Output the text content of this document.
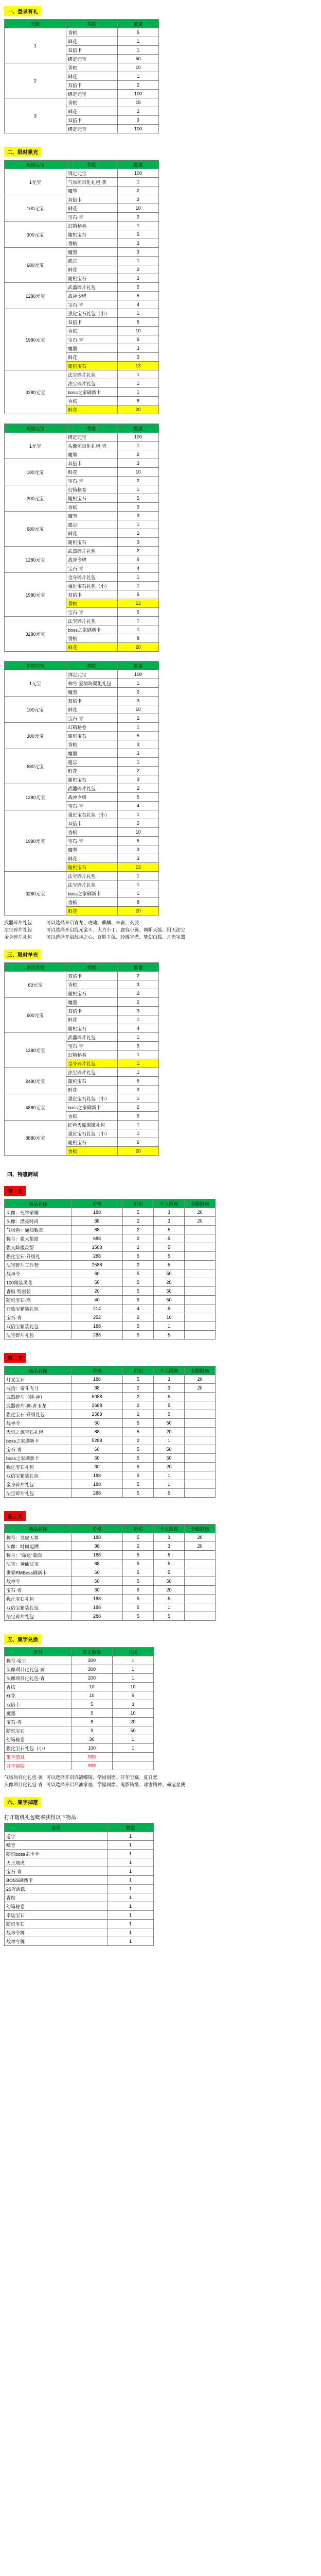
一、登录有礼
天数	奖励	数量
1	香槟	5
	鲜花	1
	双倍卡	1
	绑定元宝	50
2	香槟	10
	鲜花	1
	双倍卡	2
	绑定元宝	100
3	香槟	15
	鲜花	2
	双倍卡	3
	绑定元宝	100
二、限时累充
充值元宝	奖励	数量
1元宝	绑定元宝	100
	气场项目化礼包·黄	1
	魔墨	2
100元宝	双倍卡	3
	鲜花	10
	宝石·青	2
300元宝	幻箱秘卷	1
	随机宝石	5
	香槟	3
680元宝	魔墨	3
	遗忘	1
	鲜花	2
	随机宝石	3
1280元宝	武器碎片礼包	2
	战神令牌	5
	宝石·青	4
1980元宝	强化宝石礼包（小）	1
	双倍卡	5
	香槟	10
	宝石·青	5
	魔墨	3
	鲜花	3
	随机宝石	13
3280元宝	法宝碎片礼包	1
	法宝碎片礼包	1
	boss之家刷新卡	1
	香槟	8
	鲜花	20
充值元宝	奖励	数量
1元宝	绑定元宝	100
	头像项目化礼包·青	1
	魔墨	2
100元宝	双倍卡	3
	鲜花	10
	宝石·青	2
300元宝	幻箱秘卷	1
	随机宝石	5
	香槟	3
680元宝	魔墨	3
	遗忘	1
	鲜花	2
	随机宝石	3
1280元宝	武器碎片礼包	2
	战神令牌	5
	宝石·青	4
1980元宝	金身碎片礼包	1
	强化宝石礼包（小）	1
	双倍卡	5
	香槟	13
	宝石·青	5
3280元宝	法宝碎片礼包	1
	boss之家刷新卡	1
	香槟	8
	鲜花	20
充值元宝	奖励	数量
1元宝	绑定元宝	100
	称号·爱情海翼化礼包	1
	魔墨	2
100元宝	双倍卡	3
	鲜花	10
	宝石·青	2
300元宝	幻箱秘卷	1
	随机宝石	5
	香槟	3
680元宝	魔墨	3
	遗忘	1
	鲜花	2
	随机宝石	3
1280元宝	武器碎片礼包	2
	战神令牌	5
	宝石·青	4
1980元宝	强化宝石礼包（小）	1
	双倍卡	5
	香槟	10
	宝石·青	5
	魔墨	3
	鲜花	3
	随机宝石	13
3280元宝	法宝碎片礼包	1
	法宝碎片礼包	1
	boss之家刷新卡	1
	香槟	8
	鲜花	20
武器碎片礼包	可以选择开启青龙、虎啸、麒麟、朱雀、玄武
法宝碎片礼包	可以选择开启混元金斗、大力小丁、鹿容小翼、朝阳天弧、阳天法宝
金身碎片礼包	可以选择开启战神之心、百胜玉佩、玲珑宝塔、梦幻白狐、月光宝器
三、限时单充
单次充值	奖励	数量
60元宝	双倍卡	2
	香槟	3
	随机宝石	3
600元宝	魔墨	2
	双倍卡	3
	鲜花	1
	随机宝石	4
1280元宝	武器碎片礼包	1
	宝石·青	3
	幻箱秘卷	1
	金身碎片礼包	1
2480元宝	法宝碎片礼包	1
	随机宝石	5
	鲜花	3
4880元宝	强化宝石礼包（小）	1
	boss之家刷新卡	2
	香槟	5
8880元宝	红色天赋突破礼包	1
	强化宝石礼包（小）	1
	随机宝石	6
	香槟	20
四、特惠商城
第一天
商品名称	价格	折扣	个人限购	全服限购
头像：死神荣耀	188	5	3	20
头像：漂亮时尚	88	2	3	20
气场卷：通知数章	88	2	5	
称号：强大帮派	688	2	5	
强人降服灵帮	1588	2	5	
强化宝石·升级礼	288	5	5	
法宝碎片三件套	2588	2	5	
战神令	60	5	50	
100精装灵花	50	5	20	
香槟·特惠装	20	5	50	
随机宝石·高	40	5	50	
开始宝箱装礼包	214	4	5	
宝石·青	252	2	10	
双倍宝箱装礼包	188	5	1	
法宝碎片礼包	288	5	5	
第二天
商品名称	价格	折扣	个人限购	全服限购
月光宝石	188	5	3	20
戒指：帝斗飞马	88	2	3	20
武器碎片（特·神）	5088	2	5	
武器碎片·神·青玉龙	2688	2	5	
强化宝石·升级礼包	2588	2	5	
战神令	60	5	50	
天机之源宝石礼包	88	5	20	
boss之家刷新卡	5288	2	1	
宝石·青	60	5	50	
boss之家刷新卡	60	5	50	
强化宝石礼包	30	5	20	
双倍宝箱装礼包	188	5	1	
金身碎片礼包	188	5	1	
法宝碎片礼包	288	5	5	
第三天
商品名称	价格	折扣	个人限购	全服限购
称号：龙虎天尊	188	5	3	20
头像：时间追溯	88	2	3	20
称号："命运"蒙面	188	5	5	
法宝：神仙法宝	88	5	5	
世界RMBoss刷新卡	60	5	5	
战神令	60	5	50	
宝石·青	60	5	20	
强化宝石礼包	188	5	5	
双倍宝箱装礼包	188	5	1	
法宝碎片礼包	288	5	5	
五、集字兑换
道具	需求数量	兑出
称号·帝王	300	1
头像项目化礼包·黄	300	1
头像项目化礼包·青	200	1
香槟	10	10
鲜花	10	5
双倍卡	5	3
魔墨	5	10
宝石·青	8	20
随机宝石	3	50
幻箱秘卷	30	1
强化宝石礼包（小）	100	1
集字道具	999	
万年福报	999	
气场项目化礼包·黄 可以选择开启鸿鹄蝶镜、学园同窗、开年宝藏、夏日恋
头像项目化礼包·青 可以选择开启兵油家福、学园同窗、鬼影钻缘、冰雪精神、命运星使
六、集字掉落
打开随机礼包概率获得以下物品
道具	数量
道字	1
嗓音	1
随机boss家卡卡	1
天王地虎	1
宝石·青	1
BOSS刷新卡	1
20万活跃	1
香槟	1
幻箱秘卷	1
幸运宝石	1
随机宝石	1
战神令牌	1
战神令牌	1
